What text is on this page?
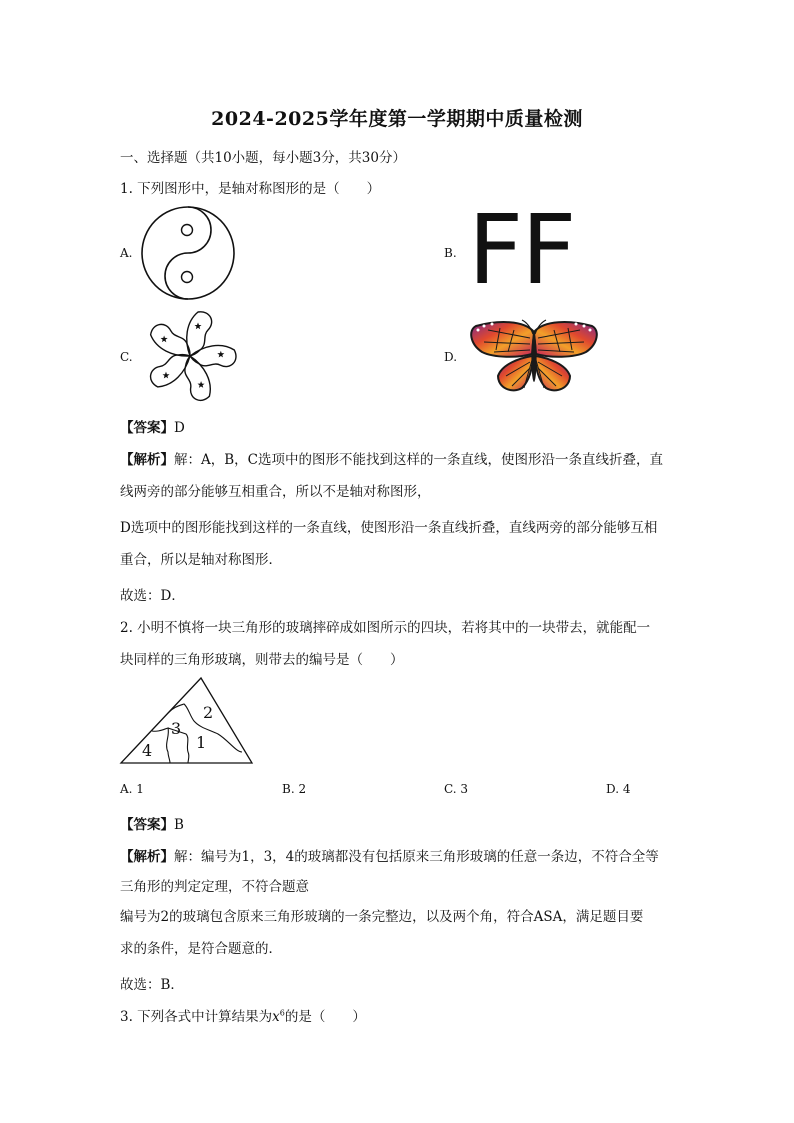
2024-2025学年度第一学期期中质量检测
一、选择题（共10小题，每小题3分，共30分）
1. 下列图形中，是轴对称图形的是（　　）
A.	B. FF
C.	D.
【答案】D
【解析】解：A，B，C选项中的图形不能找到这样的一条直线，使图形沿一条直线折叠，直
线两旁的部分能够互相重合，所以不是轴对称图形，
D选项中的图形能找到这样的一条直线，使图形沿一条直线折叠，直线两旁的部分能够互相
重合，所以是轴对称图形．
故选：D．
2. 小明不慎将一块三角形的玻璃摔碎成如图所示的四块，若将其中的一块带去，就能配一
块同样的三角形玻璃，则带去的编号是（　　）
1
2
3
4
A. 1	B. 2	C. 3	D. 4
【答案】B
【解析】解：编号为1，3，4的玻璃都没有包括原来三角形玻璃的任意一条边，不符合全等
三角形的判定定理，不符合题意
编号为2的玻璃包含原来三角形玻璃的一条完整边，以及两个角，符合ASA，满足题目要
求的条件，是符合题意的．
故选：B．
3. 下列各式中计算结果为$x^6$的是（　　）
